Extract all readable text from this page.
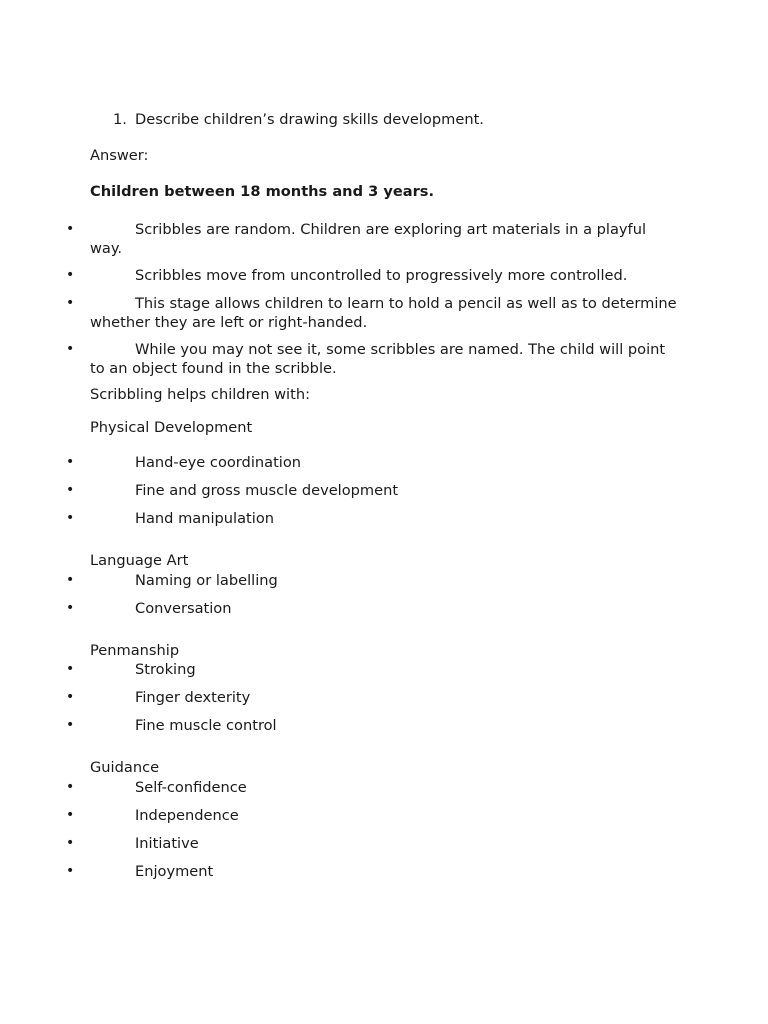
1. Describe children’s drawing skills development.
Answer:
Children between 18 months and 3 years.
•	Scribbles are random. Children are exploring art materials in a playful way.
•	Scribbles move from uncontrolled to progressively more controlled.
•	This stage allows children to learn to hold a pencil as well as to determine whether they are left or right-handed.
•	While you may not see it, some scribbles are named. The child will point to an object found in the scribble.
Scribbling helps children with:
Physical Development
•	Hand-eye coordination
•	Fine and gross muscle development
•	Hand manipulation
Language Art
•	Naming or labelling
•	Conversation
Penmanship
•	Stroking
•	Finger dexterity
•	Fine muscle control
Guidance
•	Self-confidence
•	Independence
•	Initiative
•	Enjoyment
